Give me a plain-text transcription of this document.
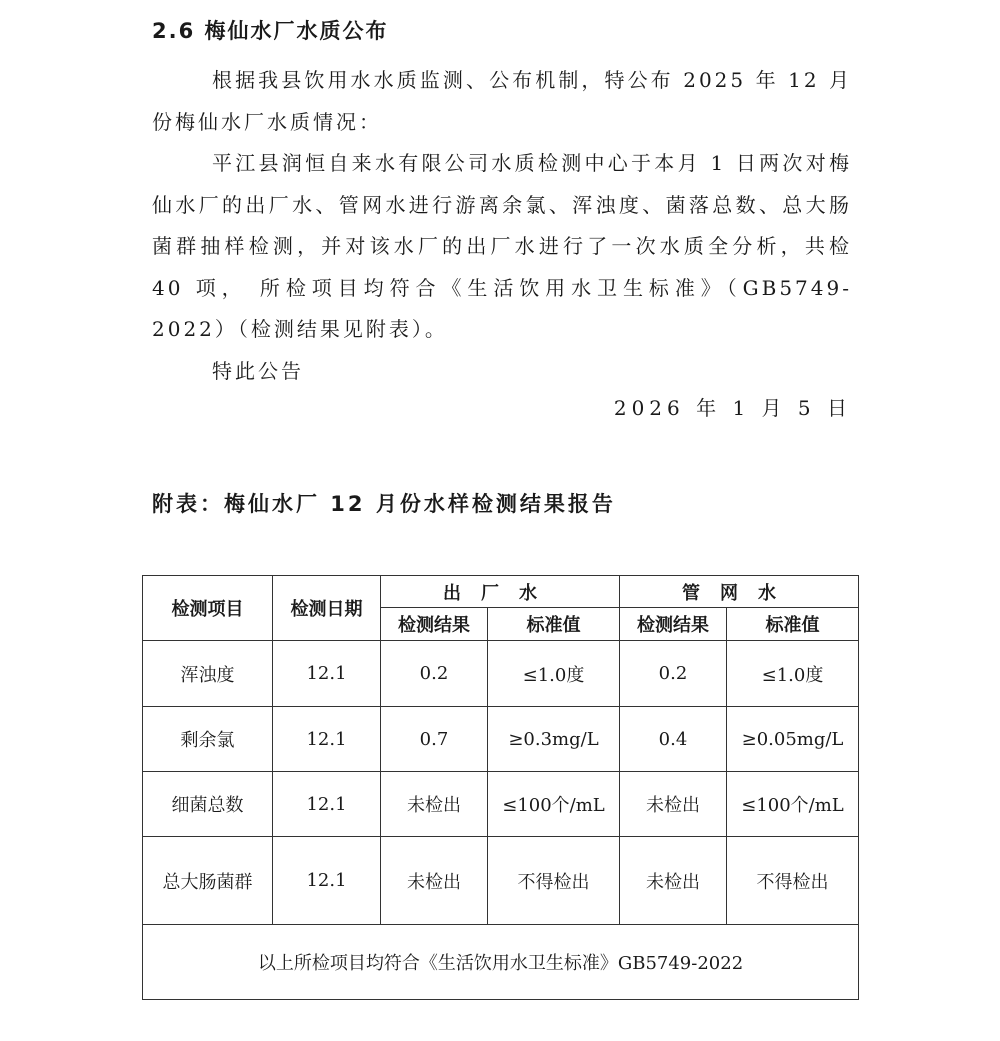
2.6 梅仙水厂水质公布

根据我县饮用水水质监测、公布机制，特公布 2025 年 12 月份梅仙水厂水质情况：

平江县润恒自来水有限公司水质检测中心于本月 1 日两次对梅仙水厂的出厂水、管网水进行游离余氯、浑浊度、菌落总数、总大肠菌群抽样检测，并对该水厂的出厂水进行了一次水质全分析，共检 40 项， 所检项目均符合《生活饮用水卫生标准》（GB5749-2022）（检测结果见附表）。

特此公告

2026 年 1 月 5 日
附表：梅仙水厂 12 月份水样检测结果报告
检测项目	检测日期	出厂水		管网水	
		检测结果	标准值	检测结果	标准值
浑浊度	12.1	0.2	≤1.0度	0.2	≤1.0度
剩余氯	12.1	0.7	≥0.3mg/L	0.4	≥0.05mg/L
细菌总数	12.1	未检出	≤100个/mL	未检出	≤100个/mL
总大肠菌群	12.1	未检出	不得检出	未检出	不得检出
以上所检项目均符合《生活饮用水卫生标准》GB5749-2022					
